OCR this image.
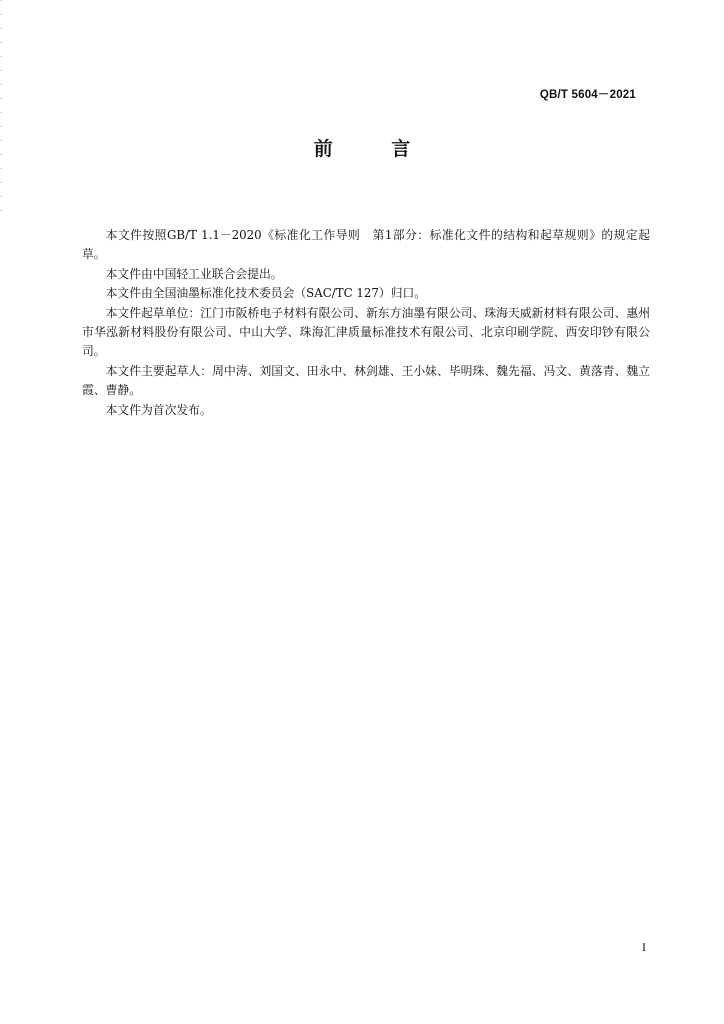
QB/T 5604－2021
前 言

本文件按照GB/T 1.1－2020《标准化工作导则　第1部分：标准化文件的结构和起草规则》的规定起草。

本文件由中国轻工业联合会提出。

本文件由全国油墨标准化技术委员会（SAC/TC 127）归口。

本文件起草单位：江门市阪桥电子材料有限公司、新东方油墨有限公司、珠海天威新材料有限公司、惠州市华泓新材料股份有限公司、中山大学、珠海汇津质量标准技术有限公司、北京印刷学院、西安印钞有限公司。

本文件主要起草人：周中涛、刘国文、田永中、林剑雄、王小妹、毕明珠、魏先福、冯文、黄落青、魏立霞、曹静。

本文件为首次发布。

I
